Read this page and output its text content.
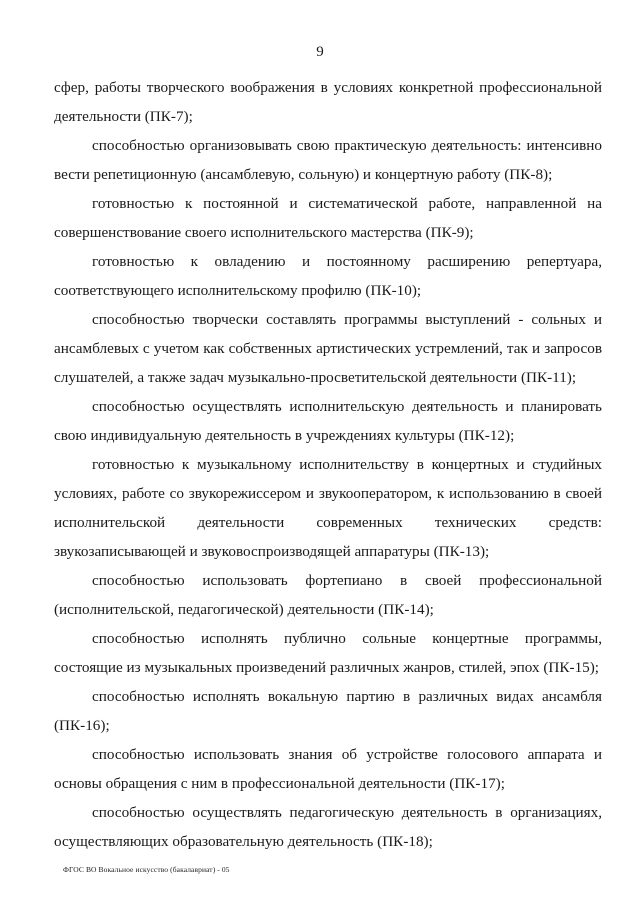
9

сфер, работы творческого воображения в условиях конкретной профессиональной деятельности (ПК-7);

способностью организовывать свою практическую деятельность: интенсивно вести репетиционную (ансамблевую, сольную) и концертную работу (ПК-8);

готовностью к постоянной и систематической работе, направленной на совершенствование своего исполнительского мастерства (ПК-9);

готовностью к овладению и постоянному расширению репертуара, соответствующего исполнительскому профилю (ПК-10);

способностью творчески составлять программы выступлений - сольных и ансамблевых с учетом как собственных артистических устремлений, так и запросов слушателей, а также задач музыкально-просветительской деятельности (ПК-11);

способностью осуществлять исполнительскую деятельность и планировать свою индивидуальную деятельность в учреждениях культуры (ПК-12);

готовностью к музыкальному исполнительству в концертных и студийных условиях, работе со звукорежиссером и звукооператором, к использованию в своей исполнительской деятельности современных технических средств: звукозаписывающей и звуковоспроизводящей аппаратуры (ПК-13);

способностью использовать фортепиано в своей профессиональной (исполнительской, педагогической) деятельности (ПК-14);

способностью исполнять публично сольные концертные программы, состоящие из музыкальных произведений различных жанров, стилей, эпох (ПК-15);

способностью исполнять вокальную партию в различных видах ансамбля (ПК-16);

способностью использовать знания об устройстве голосового аппарата и основы обращения с ним в профессиональной деятельности (ПК-17);

способностью осуществлять педагогическую деятельность в организациях, осуществляющих образовательную деятельность (ПК-18);

ФГОС ВО Вокальное искусство (бакалавриат) - 05
